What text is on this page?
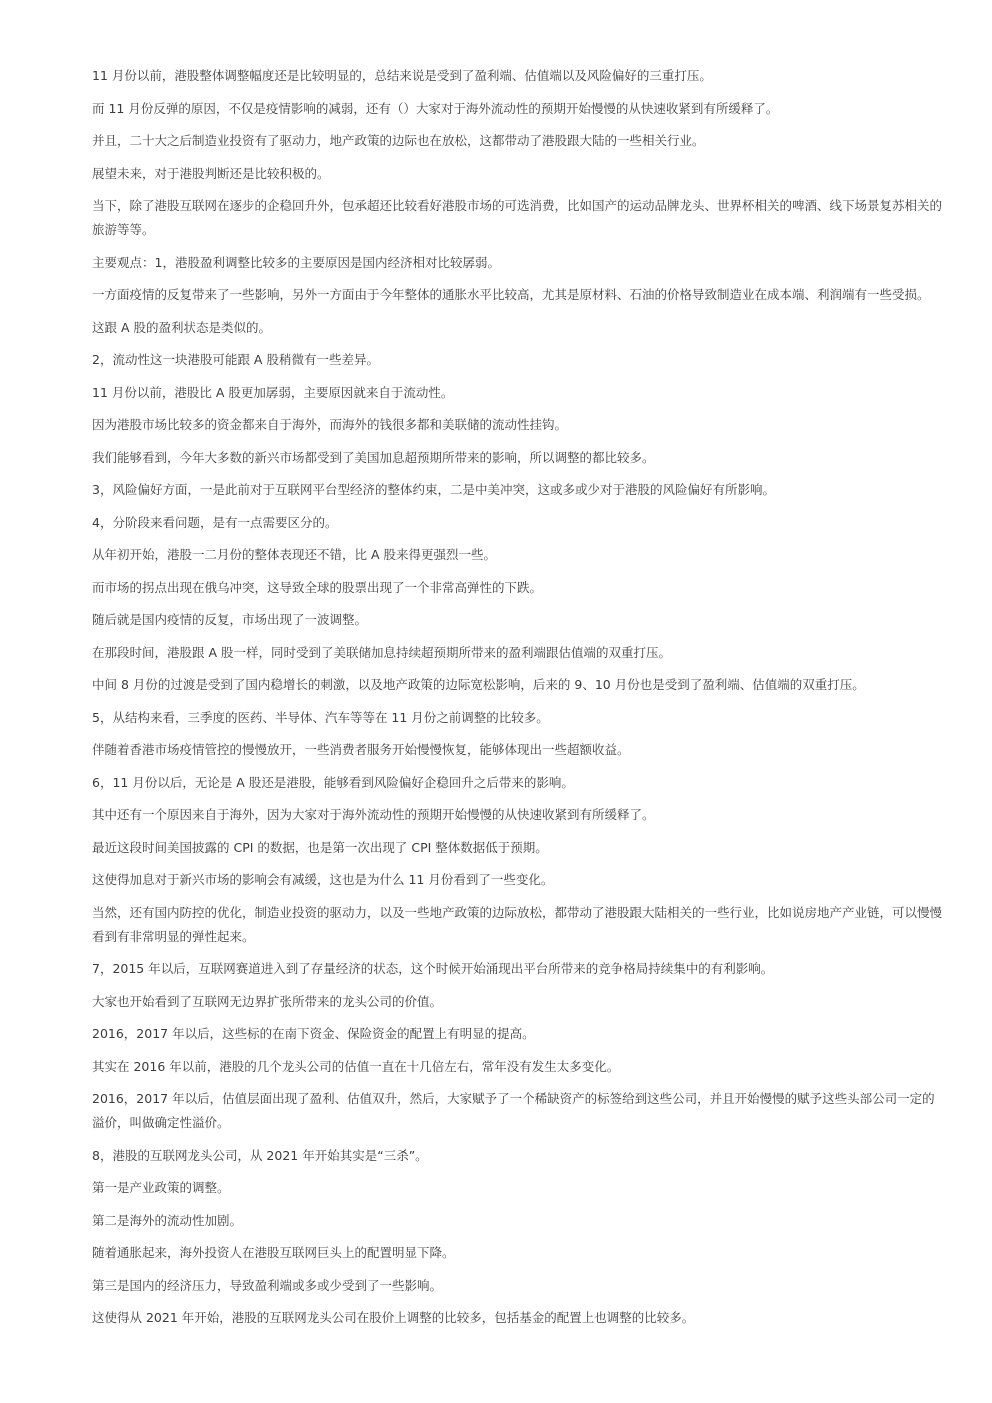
11 月份以前，港股整体调整幅度还是比较明显的，总结来说是受到了盈利端、估值端以及风险偏好的三重打压。

而 11 月份反弹的原因，不仅是疫情影响的减弱，还有（）大家对于海外流动性的预期开始慢慢的从快速收紧到有所缓释了。

并且，二十大之后制造业投资有了驱动力，地产政策的边际也在放松，这都带动了港股跟大陆的一些相关行业。

展望未来，对于港股判断还是比较积极的。

当下，除了港股互联网在逐步的企稳回升外，包承超还比较看好港股市场的可选消费，比如国产的运动品牌龙头、世界杯相关的啤酒、线下场景复苏相关的旅游等等。

主要观点：1，港股盈利调整比较多的主要原因是国内经济相对比较孱弱。

一方面疫情的反复带来了一些影响，另外一方面由于今年整体的通胀水平比较高，尤其是原材料、石油的价格导致制造业在成本端、利润端有一些受损。

这跟 A 股的盈利状态是类似的。

2，流动性这一块港股可能跟 A 股稍微有一些差异。

11 月份以前，港股比 A 股更加孱弱，主要原因就来自于流动性。

因为港股市场比较多的资金都来自于海外，而海外的钱很多都和美联储的流动性挂钩。

我们能够看到，今年大多数的新兴市场都受到了美国加息超预期所带来的影响，所以调整的都比较多。

3，风险偏好方面，一是此前对于互联网平台型经济的整体约束，二是中美冲突，这或多或少对于港股的风险偏好有所影响。

4，分阶段来看问题，是有一点需要区分的。

从年初开始，港股一二月份的整体表现还不错，比 A 股来得更强烈一些。

而市场的拐点出现在俄乌冲突，这导致全球的股票出现了一个非常高弹性的下跌。

随后就是国内疫情的反复，市场出现了一波调整。

在那段时间，港股跟 A 股一样，同时受到了美联储加息持续超预期所带来的盈利端跟估值端的双重打压。

中间 8 月份的过渡是受到了国内稳增长的刺激，以及地产政策的边际宽松影响，后来的 9、10 月份也是受到了盈利端、估值端的双重打压。

5，从结构来看，三季度的医药、半导体、汽车等等在 11 月份之前调整的比较多。

伴随着香港市场疫情管控的慢慢放开，一些消费者服务开始慢慢恢复，能够体现出一些超额收益。

6，11 月份以后，无论是 A 股还是港股，能够看到风险偏好企稳回升之后带来的影响。

其中还有一个原因来自于海外，因为大家对于海外流动性的预期开始慢慢的从快速收紧到有所缓释了。

最近这段时间美国披露的 CPI 的数据，也是第一次出现了 CPI 整体数据低于预期。

这使得加息对于新兴市场的影响会有减缓，这也是为什么 11 月份看到了一些变化。

当然，还有国内防控的优化，制造业投资的驱动力，以及一些地产政策的边际放松，都带动了港股跟大陆相关的一些行业，比如说房地产产业链，可以慢慢看到有非常明显的弹性起来。

7，2015 年以后，互联网赛道进入到了存量经济的状态，这个时候开始涌现出平台所带来的竞争格局持续集中的有利影响。

大家也开始看到了互联网无边界扩张所带来的龙头公司的价值。

2016，2017 年以后，这些标的在南下资金、保险资金的配置上有明显的提高。

其实在 2016 年以前，港股的几个龙头公司的估值一直在十几倍左右，常年没有发生太多变化。

2016，2017 年以后，估值层面出现了盈利、估值双升，然后，大家赋予了一个稀缺资产的标签给到这些公司，并且开始慢慢的赋予这些头部公司一定的溢价，叫做确定性溢价。

8，港股的互联网龙头公司，从 2021 年开始其实是“三杀”。

第一是产业政策的调整。

第二是海外的流动性加剧。

随着通胀起来，海外投资人在港股互联网巨头上的配置明显下降。

第三是国内的经济压力，导致盈利端或多或少受到了一些影响。

这使得从 2021 年开始，港股的互联网龙头公司在股价上调整的比较多，包括基金的配置上也调整的比较多。
